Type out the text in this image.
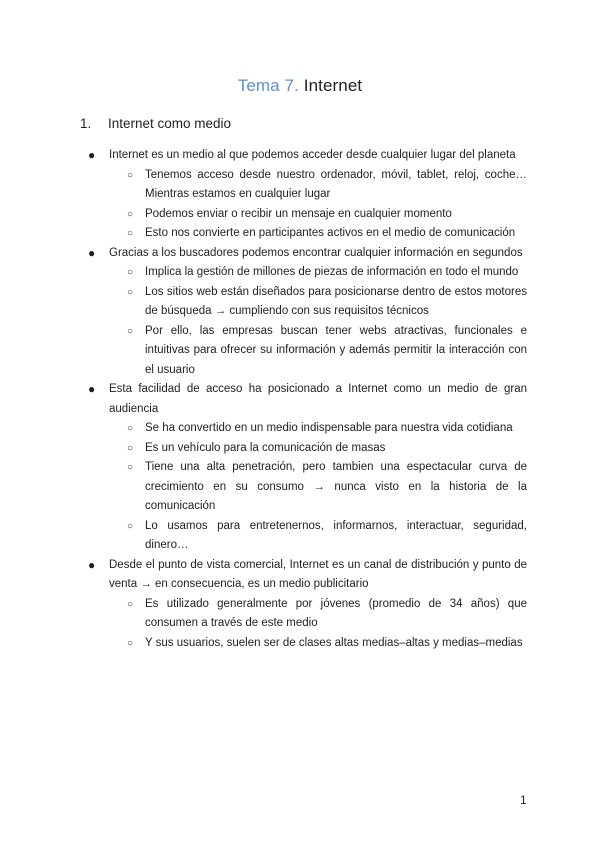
Tema 7. Internet
1. Internet como medio
● Internet es un medio al que podemos acceder desde cualquier lugar del planeta
○ Tenemos acceso desde nuestro ordenador, móvil, tablet, reloj, coche… Mientras estamos en cualquier lugar
○ Podemos enviar o recibir un mensaje en cualquier momento
○ Esto nos convierte en participantes activos en el medio de comunicación
● Gracias a los buscadores podemos encontrar cualquier información en segundos
○ Implica la gestión de millones de piezas de información en todo el mundo
○ Los sitios web están diseñados para posicionarse dentro de estos motores de búsqueda → cumpliendo con sus requisitos técnicos
○ Por ello, las empresas buscan tener webs atractivas, funcionales e intuitivas para ofrecer su información y además permitir la interacción con el usuario
● Esta facilidad de acceso ha posicionado a Internet como un medio de gran audiencia
○ Se ha convertido en un medio indispensable para nuestra vida cotidiana
○ Es un vehículo para la comunicación de masas
○ Tiene una alta penetración, pero tambien una espectacular curva de crecimiento en su consumo → nunca visto en la historia de la comunicación
○ Lo usamos para entretenernos, informarnos, interactuar, seguridad, dinero…
● Desde el punto de vista comercial, Internet es un canal de distribución y punto de venta → en consecuencia, es un medio publicitario
○ Es utilizado generalmente por jóvenes (promedio de 34 años) que consumen a través de este medio
○ Y sus usuarios, suelen ser de clases altas medias–altas y medias–medias
1
